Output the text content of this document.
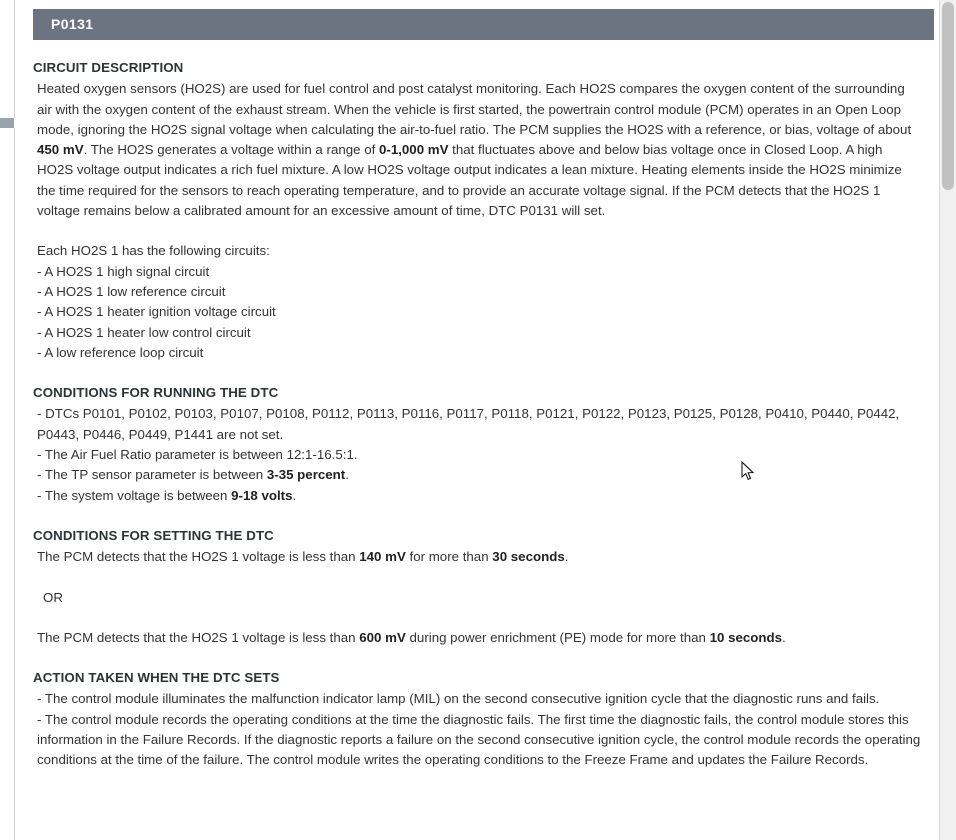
P0131
CIRCUIT DESCRIPTION

Heated oxygen sensors (HO2S) are used for fuel control and post catalyst monitoring. Each HO2S compares the oxygen content of the surrounding air with the oxygen content of the exhaust stream. When the vehicle is first started, the powertrain control module (PCM) operates in an Open Loop mode, ignoring the HO2S signal voltage when calculating the air-to-fuel ratio. The PCM supplies the HO2S with a reference, or bias, voltage of about 450 mV. The HO2S generates a voltage within a range of 0-1,000 mV that fluctuates above and below bias voltage once in Closed Loop. A high HO2S voltage output indicates a rich fuel mixture. A low HO2S voltage output indicates a lean mixture. Heating elements inside the HO2S minimize the time required for the sensors to reach operating temperature, and to provide an accurate voltage signal. If the PCM detects that the HO2S 1 voltage remains below a calibrated amount for an excessive amount of time, DTC P0131 will set.

Each HO2S 1 has the following circuits:

- A HO2S 1 high signal circuit
- A HO2S 1 low reference circuit
- A HO2S 1 heater ignition voltage circuit
- A HO2S 1 heater low control circuit
- A low reference loop circuit
CONDITIONS FOR RUNNING THE DTC
- DTCs P0101, P0102, P0103, P0107, P0108, P0112, P0113, P0116, P0117, P0118, P0121, P0122, P0123, P0125, P0128, P0410, P0440, P0442, P0443, P0446, P0449, P1441 are not set.
- The Air Fuel Ratio parameter is between 12:1-16.5:1.
- The TP sensor parameter is between 3-35 percent.
- The system voltage is between 9-18 volts.
CONDITIONS FOR SETTING THE DTC

The PCM detects that the HO2S 1 voltage is less than 140 mV for more than 30 seconds.

OR

The PCM detects that the HO2S 1 voltage is less than 600 mV during power enrichment (PE) mode for more than 10 seconds.

ACTION TAKEN WHEN THE DTC SETS
- The control module illuminates the malfunction indicator lamp (MIL) on the second consecutive ignition cycle that the diagnostic runs and fails.
- The control module records the operating conditions at the time the diagnostic fails. The first time the diagnostic fails, the control module stores this information in the Failure Records. If the diagnostic reports a failure on the second consecutive ignition cycle, the control module records the operating conditions at the time of the failure. The control module writes the operating conditions to the Freeze Frame and updates the Failure Records.
